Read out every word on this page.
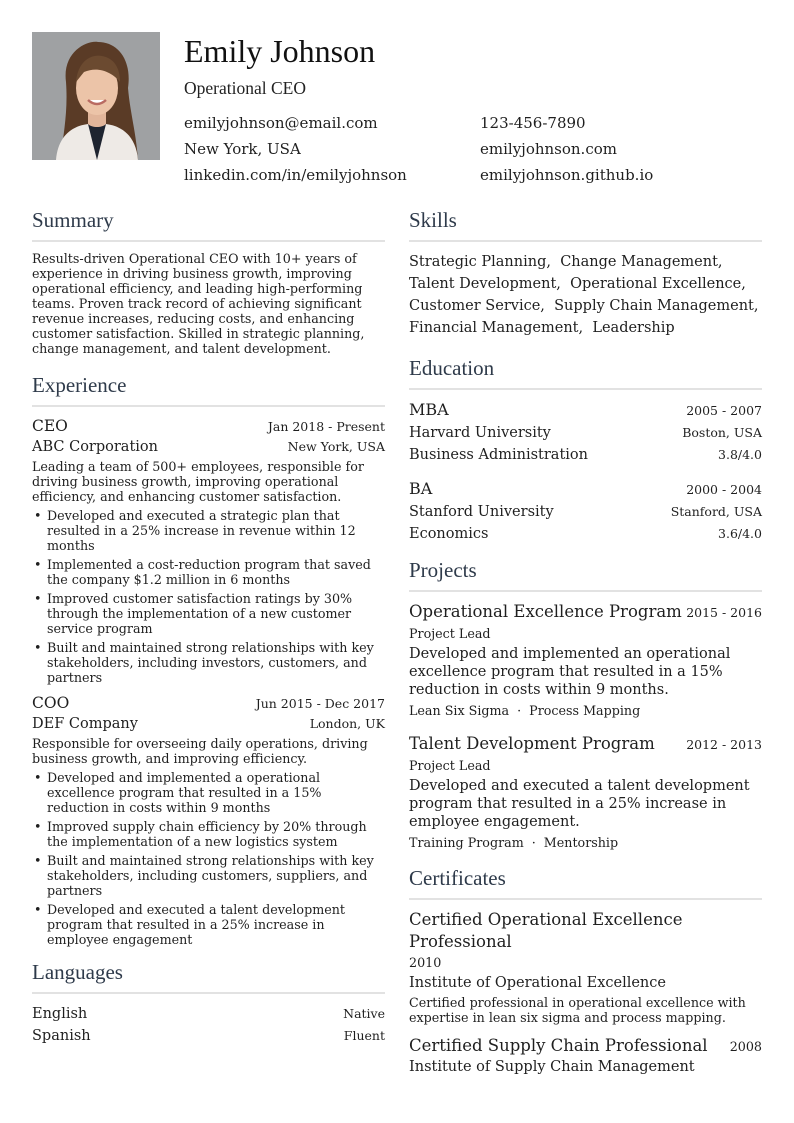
Emily Johnson
Operational CEO
emilyjohnson@email.com	123-456-7890
New York, USA	emilyjohnson.com
linkedin.com/in/emilyjohnson	emilyjohnson.github.io
Summary
Results-driven Operational CEO with 10+ years of experience in driving business growth, improving operational efficiency, and leading high-performing teams. Proven track record of achieving significant revenue increases, reducing costs, and enhancing customer satisfaction. Skilled in strategic planning, change management, and talent development.
Experience
CEO	Jan 2018 - Present
ABC Corporation	New York, USA
Leading a team of 500+ employees, responsible for driving business growth, improving operational efficiency, and enhancing customer satisfaction.
• Developed and executed a strategic plan that resulted in a 25% increase in revenue within 12 months
• Implemented a cost-reduction program that saved the company $1.2 million in 6 months
• Improved customer satisfaction ratings by 30% through the implementation of a new customer service program
• Built and maintained strong relationships with key stakeholders, including investors, customers, and partners
COO	Jun 2015 - Dec 2017
DEF Company	London, UK
Responsible for overseeing daily operations, driving business growth, and improving efficiency.
• Developed and implemented a operational excellence program that resulted in a 15% reduction in costs within 9 months
• Improved supply chain efficiency by 20% through the implementation of a new logistics system
• Built and maintained strong relationships with key stakeholders, including customers, suppliers, and partners
• Developed and executed a talent development program that resulted in a 25% increase in employee engagement
Languages
English	Native
Spanish	Fluent
Skills
Strategic Planning, Change Management,
Talent Development, Operational Excellence,
Customer Service, Supply Chain Management,
Financial Management, Leadership
Education
MBA	2005 - 2007
Harvard University	Boston, USA
Business Administration	3.8/4.0
BA	2000 - 2004
Stanford University	Stanford, USA
Economics	3.6/4.0
Projects
Operational Excellence Program 2015 - 2016
Project Lead
Developed and implemented an operational excellence program that resulted in a 15% reduction in costs within 9 months.
Lean Six Sigma · Process Mapping
Talent Development Program	2012 - 2013
Project Lead
Developed and executed a talent development program that resulted in a 25% increase in employee engagement.
Training Program · Mentorship
Certificates
Certified Operational Excellence Professional
2010
Institute of Operational Excellence
Certified professional in operational excellence with expertise in lean six sigma and process mapping.
Certified Supply Chain Professional 2008
Institute of Supply Chain Management
